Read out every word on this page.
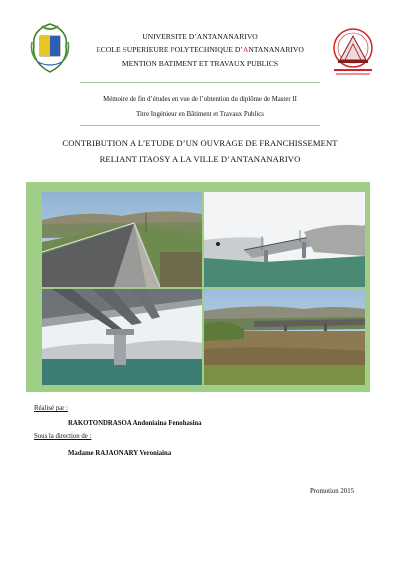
UNIVERSITE D’ANTANANARIVO
ECOLE SUPERIEURE POLYTECHNIQUE D’ANTANANARIVO
MENTION BATIMENT ET TRAVAUX PUBLICS
Mémoire de fin d’études en vue de l’obtention du diplôme de Master II
Titre Ingénieur en Bâtiment et Travaux Publics
CONTRIBUTION A L’ETUDE D’UN OUVRAGE DE FRANCHISSEMENT
RELIANT ITAOSY A LA VILLE D’ANTANANARIVO
Réalisé par :
RAKOTONDRASOA Andoniaina Fenohasina
Sous la direction de :
Madame RAJAONARY Veroniaina
Promotion 2015
